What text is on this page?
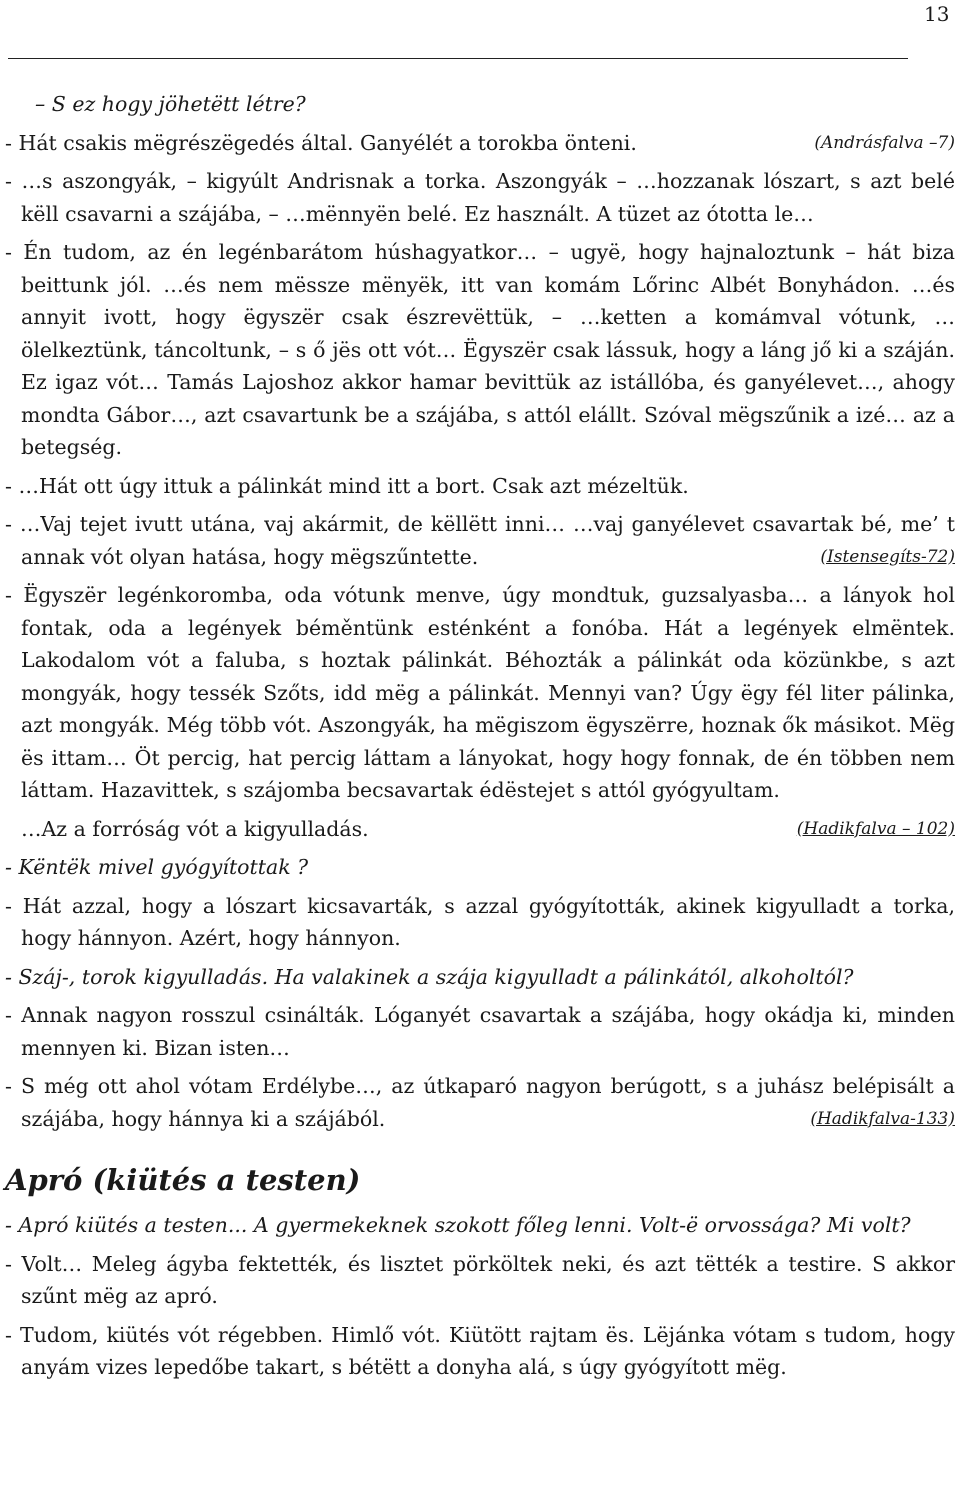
13

– S ez hogy jöhetëtt létre?

(Andrásfalva –7)
- Hát csakis mëgrészëgedés által. Ganyélét a torokba önteni.

- …s aszongyák, – kigyúlt Andrisnak a torka. Aszongyák – …hozzanak lószart, s azt belé këll csavarni a szájába, – …mënnyën belé. Ez használt. A tüzet az ótotta le…

- Én tudom, az én legénbarátom húshagyatkor… – ugyë, hogy hajnaloztunk – hát biza beittunk jól. …és nem mëssze mënyëk, itt van komám Lőrinc Albét Bonyhádon. …és annyit ivott, hogy ëgyszër csak észrevëttük, – …ketten a komámval vótunk, …ölelkeztünk, táncoltunk, – s ő jës ott vót… Ëgyszër csak lássuk, hogy a láng jő ki a száján. Ez igaz vót… Tamás Lajoshoz akkor hamar bevittük az istállóba, és ganyélevet…, ahogy mondta Gábor…, azt csavartunk be a szájába, s attól elállt. Szóval mëgszűnik a izé… az a betegség.

- …Hát ott úgy ittuk a pálinkát mind itt a bort. Csak azt mézeltük.

- …Vaj tejet ivutt utána, vaj akármit, de këllëtt inni… …vaj ganyélevet csavartak bé, me’ t annak vót olyan hatása, hogy mëgszűntette.	(Istensegíts-72)

- Ëgyszër legénkoromba, oda vótunk menve, úgy mondtuk, guzsalyasba… a lányok hol fontak, oda a legények béměntünk esténként a fonóba. Hát a legények elmëntek. Lakodalom vót a faluba, s hoztak pálinkát. Béhozták a pálinkát oda közünkbe, s azt mongyák, hogy tessék Szőts, idd mëg a pálinkát. Mennyi van? Úgy ëgy fél liter pálinka, azt mongyák. Még több vót. Aszongyák, ha mëgiszom ëgyszërre, hoznak ők másikot. Mëg ës ittam… Öt percig, hat percig láttam a lányokat, hogy hogy fonnak, de én többen nem láttam. Hazavittek, s szájomba becsavartak édëstejet s attól gyógyultam.

…Az a forróság vót a kigyulladás.	(Hadikfalva – 102)

- Këntëk mivel gyógyítottak ?

- Hát azzal, hogy a lószart kicsavarták, s azzal gyógyították, akinek kigyulladt a torka, hogy hánnyon. Azért, hogy hánnyon.

- Száj-, torok kigyulladás. Ha valakinek a szája kigyulladt a pálinkától, alkoholtól?

- Annak nagyon rosszul csinálták. Lóganyét csavartak a szájába, hogy okádja ki, minden mennyen ki. Bizan isten…

- S még ott ahol vótam Erdélybe…, az útkaparó nagyon berúgott, s a juhász belépisált a szájába, hogy hánnya ki a szájából.	(Hadikfalva-133)

Apró (kiütés a testen)

- Apró kiütés a testen... A gyermekeknek szokott főleg lenni. Volt-ë orvossága? Mi volt?

- Volt… Meleg ágyba fektették, és lisztet pörköltek neki, és azt tëtték a testire. S akkor szűnt mëg az apró.

- Tudom, kiütés vót régebben. Himlő vót. Kiütött rajtam ës. Lëjánka vótam s tudom, hogy anyám vizes lepedőbe takart, s bétëtt a donyha alá, s úgy gyógyított mëg.
